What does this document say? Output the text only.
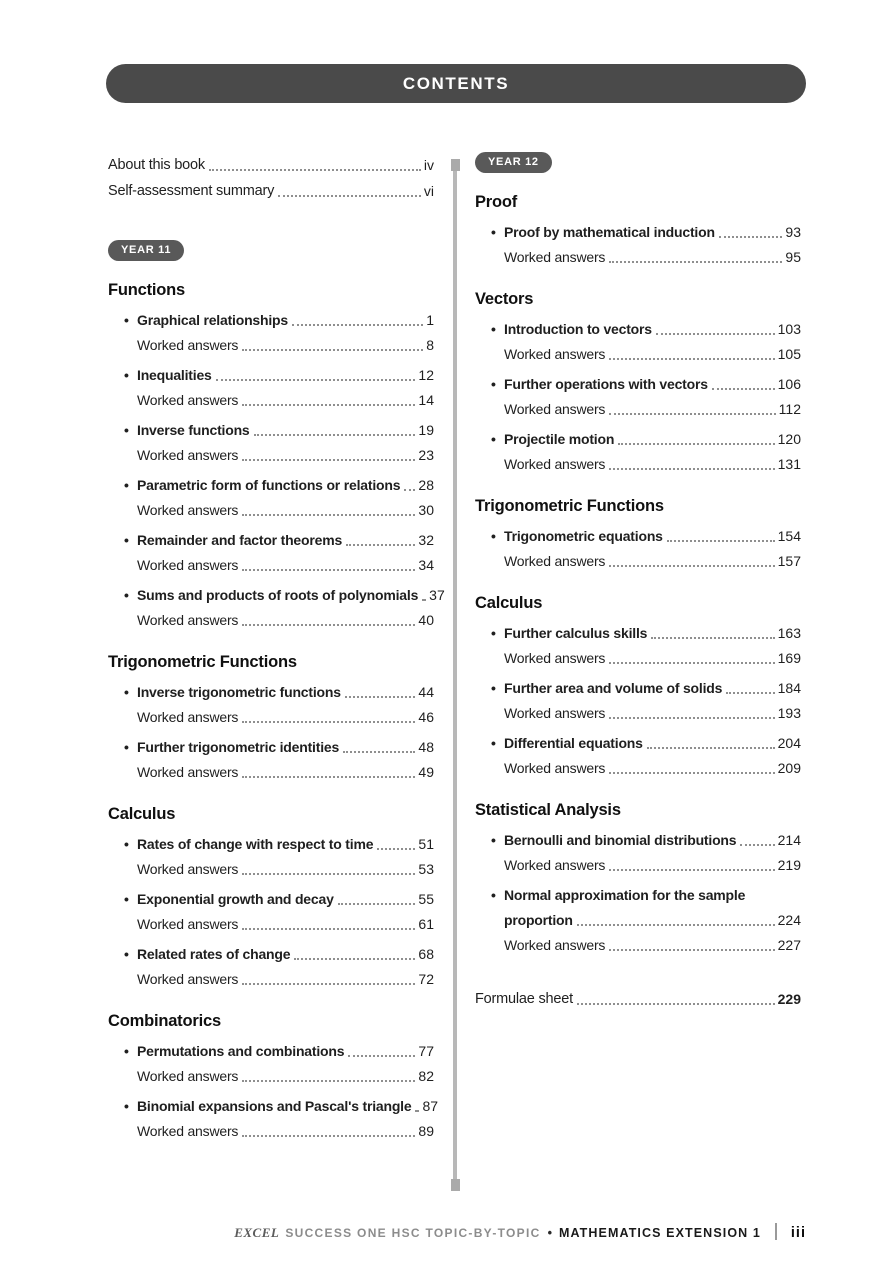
CONTENTS
About this book	iv
Self-assessment summary	vi
YEAR 11
Functions
• Graphical relationships	1
Worked answers	8
• Inequalities	12
Worked answers	14
• Inverse functions	19
Worked answers	23
• Parametric form of functions or relations 28
Worked answers	30
• Remainder and factor theorems	32
Worked answers	34
• Sums and products of roots of polynomials 37
Worked answers	40
Trigonometric Functions
• Inverse trigonometric functions	44
Worked answers	46
• Further trigonometric identities	48
Worked answers	49
Calculus
• Rates of change with respect to time	51
Worked answers	53
• Exponential growth and decay	55
Worked answers	61
• Related rates of change	68
Worked answers	72
Combinatorics
• Permutations and combinations	77
Worked answers	82
• Binomial expansions and Pascal's triangle 87
Worked answers	89
YEAR 12
Proof
• Proof by mathematical induction	93
Worked answers	95
Vectors
• Introduction to vectors	103
Worked answers	105
• Further operations with vectors	106
Worked answers	112
• Projectile motion	120
Worked answers	131
Trigonometric Functions
• Trigonometric equations	154
Worked answers	157
Calculus
• Further calculus skills	163
Worked answers	169
• Further area and volume of solids	184
Worked answers	193
• Differential equations	204
Worked answers	209
Statistical Analysis
• Bernoulli and binomial distributions	214
Worked answers	219
• Normal approximation for the sample
proportion	224
Worked answers	227
Formulae sheet	229
EXCEL SUCCESS ONE HSC TOPIC-BY-TOPIC • MATHEMATICS EXTENSION 1 iii
